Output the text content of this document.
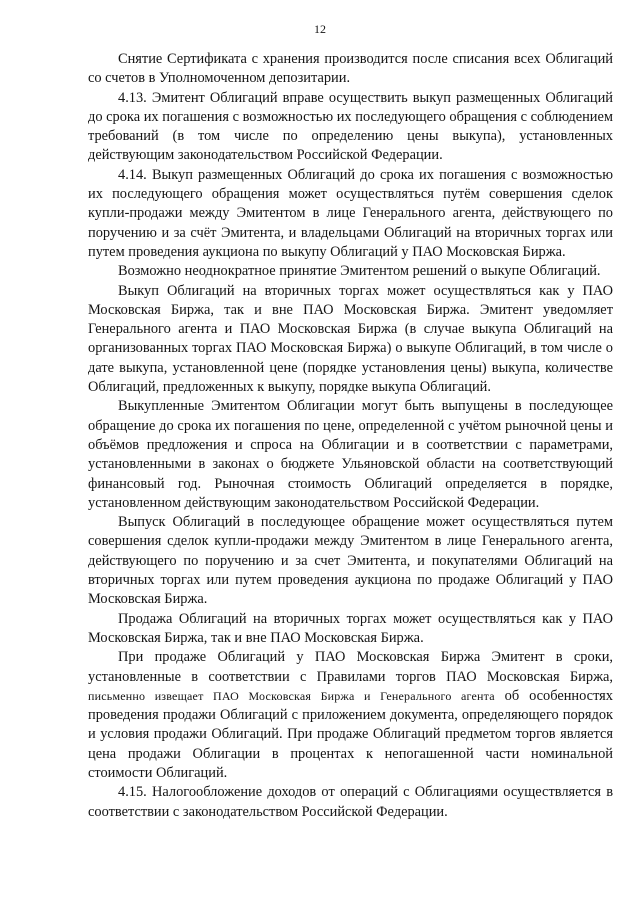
12

Снятие Сертификата с хранения производится после списания всех Облигаций со счетов в Уполномоченном депозитарии.

4.13. Эмитент Облигаций вправе осуществить выкуп размещенных Облигаций до срока их погашения с возможностью их последующего обращения с соблюдением требований (в том числе по определению цены выкупа), установленных действующим законодательством Российской Федерации.

4.14. Выкуп размещенных Облигаций до срока их погашения с возможностью их последующего обращения может осуществляться путём совершения сделок купли-продажи между Эмитентом в лице Генерального агента, действующего по поручению и за счёт Эмитента, и владельцами Облигаций на вторичных торгах или путем проведения аукциона по выкупу Облигаций у ПАО Московская Биржа.

Возможно неоднократное принятие Эмитентом решений о выкупе Облигаций.

Выкуп Облигаций на вторичных торгах может осуществляться как у ПАО Московская Биржа, так и вне ПАО Московская Биржа. Эмитент уведомляет Генерального агента и ПАО Московская Биржа (в случае выкупа Облигаций на организованных торгах ПАО Московская Биржа) о выкупе Облигаций, в том числе о дате выкупа, установленной цене (порядке установления цены) выкупа, количестве Облигаций, предложенных к выкупу, порядке выкупа Облигаций.

Выкупленные Эмитентом Облигации могут быть выпущены в последующее обращение до срока их погашения по цене, определенной с учётом рыночной цены и объёмов предложения и спроса на Облигации и в соответствии с параметрами, установленными в законах о бюджете Ульяновской области на соответствующий финансовый год. Рыночная стоимость Облигаций определяется в порядке, установленном действующим законодательством Российской Федерации.

Выпуск Облигаций в последующее обращение может осуществляться путем совершения сделок купли-продажи между Эмитентом в лице Генерального агента, действующего по поручению и за счет Эмитента, и покупателями Облигаций на вторичных торгах или путем проведения аукциона по продаже Облигаций у ПАО Московская Биржа.

Продажа Облигаций на вторичных торгах может осуществляться как у ПАО Московская Биржа, так и вне ПАО Московская Биржа.

При продаже Облигаций у ПАО Московская Биржа Эмитент в сроки, установленные в соответствии с Правилами торгов ПАО Московская Биржа, письменно извещает ПАО Московская Биржа и Генерального агента об особенностях проведения продажи Облигаций с приложением документа, определяющего порядок и условия продажи Облигаций. При продаже Облигаций предметом торгов является цена продажи Облигации в процентах к непогашенной части номинальной стоимости Облигаций.

4.15. Налогообложение доходов от операций с Облигациями осуществляется в соответствии с законодательством Российской Федерации.
